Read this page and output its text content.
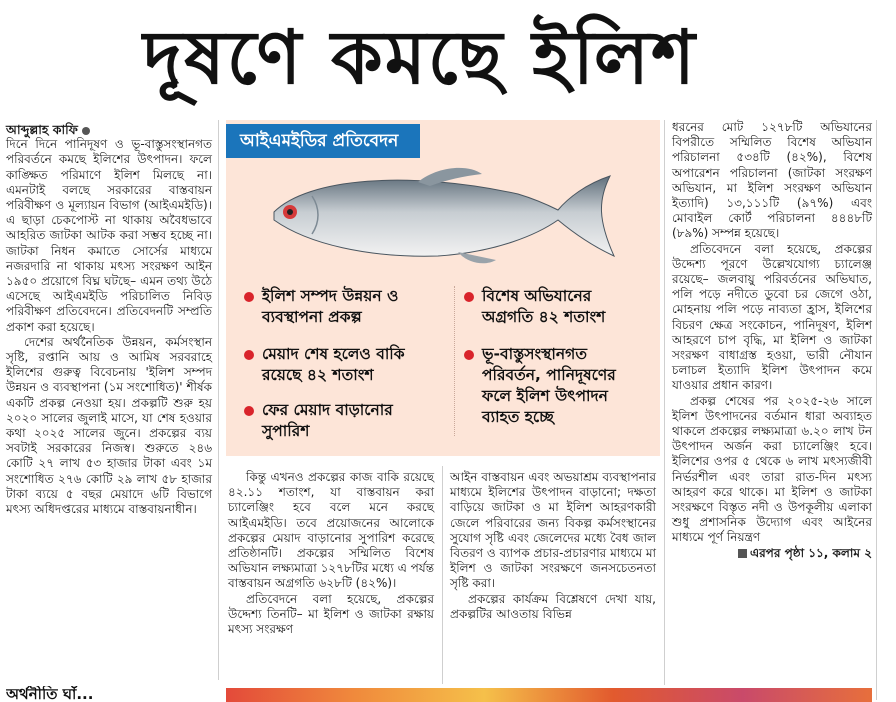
দূষণে কমছে ইলিশ
আব্দুল্লাহ কাফি

দিনে দিনে পানিদূষণ ও ভূ-বাস্তুসংস্থানগত পরিবর্তনে কমছে ইলিশের উৎপাদন। ফলে কাঙ্ক্ষিত পরিমাণে ইলিশ মিলছে না। এমনটাই বলছে সরকারের বাস্তবায়ন পরিবীক্ষণ ও মূল্যায়ন বিভাগ (আইএমইডি)। এ ছাড়া চেকপোস্ট না থাকায় অবৈধভাবে আহরিত জাটকা আটক করা সম্ভব হচ্ছে না। জাটকা নিধন কমাতে সোর্সের মাধ্যমে নজরদারি না থাকায় মৎস্য সংরক্ষণ আইন ১৯৫০ প্রয়োগে বিঘ্ন ঘটছে– এমন তথ্য উঠে এসেছে আইএমইডি পরিচালিত নিবিড় পরিবীক্ষণ প্রতিবেদনে। প্রতিবেদনটি সম্প্রতি প্রকাশ করা হয়েছে।

দেশের অর্থনৈতিক উন্নয়ন, কর্মসংস্থান সৃষ্টি, রপ্তানি আয় ও আমিষ সরবরাহে ইলিশের গুরুত্ব বিবেচনায় 'ইলিশ সম্পদ উন্নয়ন ও ব্যবস্থাপনা (১ম সংশোধিত)' শীর্ষক একটি প্রকল্প নেওয়া হয়। প্রকল্পটি শুরু হয় ২০২০ সালের জুলাই মাসে, যা শেষ হওয়ার কথা ২০২৫ সালের জুনে। প্রকল্পের ব্যয় সবটাই সরকারের নিজস্ব। শুরুতে ২৪৬ কোটি ২৭ লাখ ৫৩ হাজার টাকা এবং ১ম সংশোধিত ২৭৬ কোটি ২৯ লাখ ৫৮ হাজার টাকা ব্যয়ে ৫ বছর মেয়াদে ৬টি বিভাগে মৎস্য অধিদপ্তরের মাধ্যমে বাস্তবায়নাধীন।

আইএমইডির প্রতিবেদন
ইলিশ সম্পদ উন্নয়ন ও ব্যবস্থাপনা প্রকল্প
মেয়াদ শেষ হলেও বাকি রয়েছে ৪২ শতাংশ
ফের মেয়াদ বাড়ানোর সুপারিশ
বিশেষ অভিযানের অগ্রগতি ৪২ শতাংশ
ভূ-বাস্তুসংস্থানগত পরিবর্তন, পানিদূষণের ফলে ইলিশ উৎপাদন ব্যাহত হচ্ছে

কিন্তু এখনও প্রকল্পের কাজ বাকি রয়েছে ৪২.১১ শতাংশ, যা বাস্তবায়ন করা চ্যালেঞ্জিং হবে বলে মনে করছে আইএমইডি। তবে প্রয়োজনের আলোকে প্রকল্পের মেয়াদ বাড়ানোর সুপারিশ করেছে প্রতিষ্ঠানটি। প্রকল্পের সম্মিলিত বিশেষ অভিযান লক্ষ্যমাত্রা ১২৭৮টির মধ্যে এ পর্যন্ত বাস্তবায়ন অগ্রগতি ৬২৮টি (৪২%)।

প্রতিবেদনে বলা হয়েছে, প্রকল্পের উদ্দেশ্য তিনটি– মা ইলিশ ও জাটকা রক্ষায় মৎস্য সংরক্ষণ

আইন বাস্তবায়ন এবং অভয়াশ্রম ব্যবস্থাপনার মাধ্যমে ইলিশের উৎপাদন বাড়ানো; দক্ষতা বাড়িয়ে জাটকা ও মা ইলিশ আহরণকারী জেলে পরিবারের জন্য বিকল্প কর্মসংস্থানের সুযোগ সৃষ্টি এবং জেলেদের মধ্যে বৈধ জাল বিতরণ ও ব্যাপক প্রচার-প্রচারণার মাধ্যমে মা ইলিশ ও জাটকা সংরক্ষণে জনসচেতনতা সৃষ্টি করা।

প্রকল্পের কার্যক্রম বিশ্লেষণে দেখা যায়, প্রকল্পটির আওতায় বিভিন্ন

ধরনের মোট ১২৭৮টি অভিযানের বিপরীতে সম্মিলিত বিশেষ অভিযান পরিচালনা ৫৩৪টি (৪২%), বিশেষ অপারেশন পরিচালনা (জাটকা সংরক্ষণ অভিযান, মা ইলিশ সংরক্ষণ অভিযান ইত্যাদি) ১৩,১১১টি (৯৭%) এবং মোবাইল কোর্ট পরিচালনা ৪৪৪৮টি (৮৯%) সম্পন্ন হয়েছে।

প্রতিবেদনে বলা হয়েছে, প্রকল্পের উদ্দেশ্য পূরণে উল্লেখযোগ্য চ্যালেঞ্জ রয়েছে– জলবায়ু পরিবর্তনের অভিঘাত, পলি পড়ে নদীতে ডুবো চর জেগে ওঠা, মোহনায় পলি পড়ে নাব্যতা হ্রাস, ইলিশের বিচরণ ক্ষেত্র সংকোচন, পানিদূষণ, ইলিশ আহরণে চাপ বৃদ্ধি, মা ইলিশ ও জাটকা সংরক্ষণ বাধাগ্রস্ত হওয়া, ভারী নৌযান চলাচল ইত্যাদি ইলিশ উৎপাদন কমে যাওয়ার প্রধান কারণ।

প্রকল্প শেষের পর ২০২৫-২৬ সালে ইলিশ উৎপাদনের বর্তমান ধারা অব্যাহত থাকলে প্রকল্পের লক্ষ্যমাত্রা ৬.২০ লাখ টন উৎপাদন অর্জন করা চ্যালেঞ্জিং হবে। ইলিশের ওপর ৫ থেকে ৬ লাখ মৎস্যজীবী নির্ভরশীল এবং তারা রাত-দিন মৎস্য আহরণ করে থাকে। মা ইলিশ ও জাটকা সংরক্ষণে বিস্তৃত নদী ও উপকূলীয় এলাকা শুধু প্রশাসনিক উদ্যোগ এবং আইনের মাধ্যমে পূর্ণ নিয়ন্ত্রণ

এরপর পৃষ্ঠা ১১, কলাম ২
অর্থনীতি ঘাঁ...
